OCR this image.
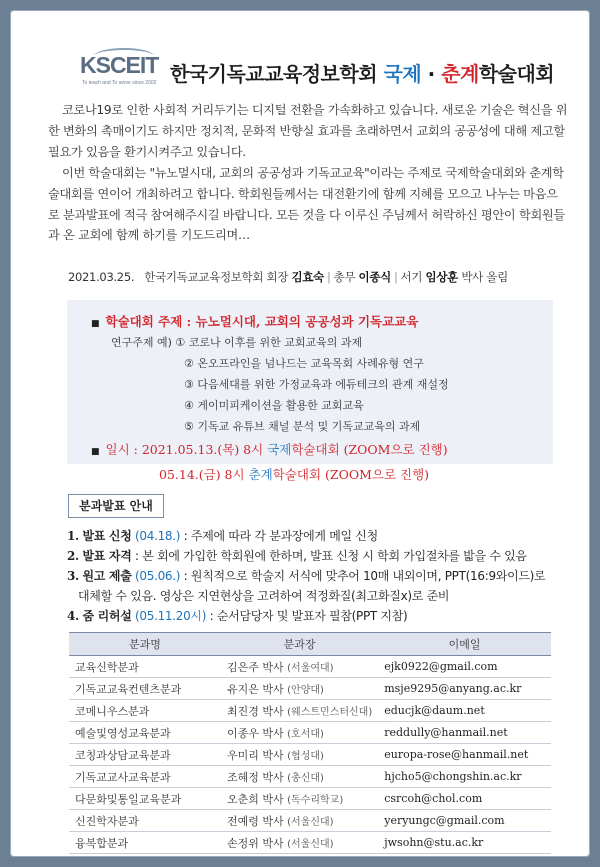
KSCEIT
To teach and To serve since 2002 한국기독교교육정보학회 국제 · 춘계학술대회

코로나19로 인한 사회적 거리두기는 디지털 전환을 가속화하고 있습니다. 새로운 기술은 혁신을 위한 변화의 촉매이기도 하지만 정치적, 문화적 반향실 효과를 초래하면서 교회의 공공성에 대해 제고할 필요가 있음을 환기시켜주고 있습니다.

이번 학술대회는 "뉴노멀시대, 교회의 공공성과 기독교교육"이라는 주제로 국제학술대회와 춘계학술대회를 연이어 개최하려고 합니다. 학회원들께서는 대전환기에 함께 지혜를 모으고 나누는 마음으로 분과발표에 적극 참여해주시길 바랍니다. 모든 것을 다 이루신 주님께서 허락하신 평안이 학회원들과 온 교회에 함께 하기를 기도드리며…

2021.03.25. 한국기독교교육정보학회 회장 김효숙 | 총무 이종식 | 서기 임상훈 박사 올림
■ 학술대회 주제 : 뉴노멀시대, 교회의 공공성과 기독교교육
연구주제 예) ① 코로나 이후를 위한 교회교육의 과제
② 온오프라인을 넘나드는 교육목회 사례유형 연구
③ 다음세대를 위한 가정교육과 에듀테크의 관계 재설정
④ 게이미피케이션을 활용한 교회교육
⑤ 기독교 유튜브 채널 분석 및 기독교교육의 과제
■ 일시 : 2021.05.13.(목) 8시 국제학술대회 (ZOOM으로 진행)
05.14.(금) 8시 춘계학술대회 (ZOOM으로 진행)
분과발표 안내
1. 발표 신청 (04.18.) : 주제에 따라 각 분과장에게 메일 신청
2. 발표 자격 : 본 회에 가입한 학회원에 한하며, 발표 신청 시 학회 가입절차를 밟을 수 있음
3. 원고 제출 (05.06.) : 원칙적으로 학술지 서식에 맞추어 10매 내외이며, PPT(16:9와이드)로
대체할 수 있음. 영상은 지연현상을 고려하여 적정화질(최고화질x)로 준비
4. 줌 리허설 (05.11.20시) : 순서담당자 및 발표자 필참(PPT 지참)
분과명	분과장	이메일
교육신학분과	김은주 박사 (서울여대)	ejk0922@gmail.com
기독교교육컨텐츠분과	유지은 박사 (안양대)	msje9295@anyang.ac.kr
코메니우스분과	최진경 박사 (웨스트민스터신대)	educjk@daum.net
예술및영성교육분과	이종우 박사 (호서대)	reddully@hanmail.net
코칭과상담교육분과	우미리 박사 (협성대)	europa-rose@hanmail.net
기독교교사교육분과	조혜정 박사 (총신대)	hjcho5@chongshin.ac.kr
다문화및통일교육분과	오춘희 박사 (독수리학교)	csrcoh@chol.com
신진학자분과	전예령 박사 (서울신대)	yeryungc@gmail.com
융복합분과	손정위 박사 (서울신대)	jwsohn@stu.ac.kr
